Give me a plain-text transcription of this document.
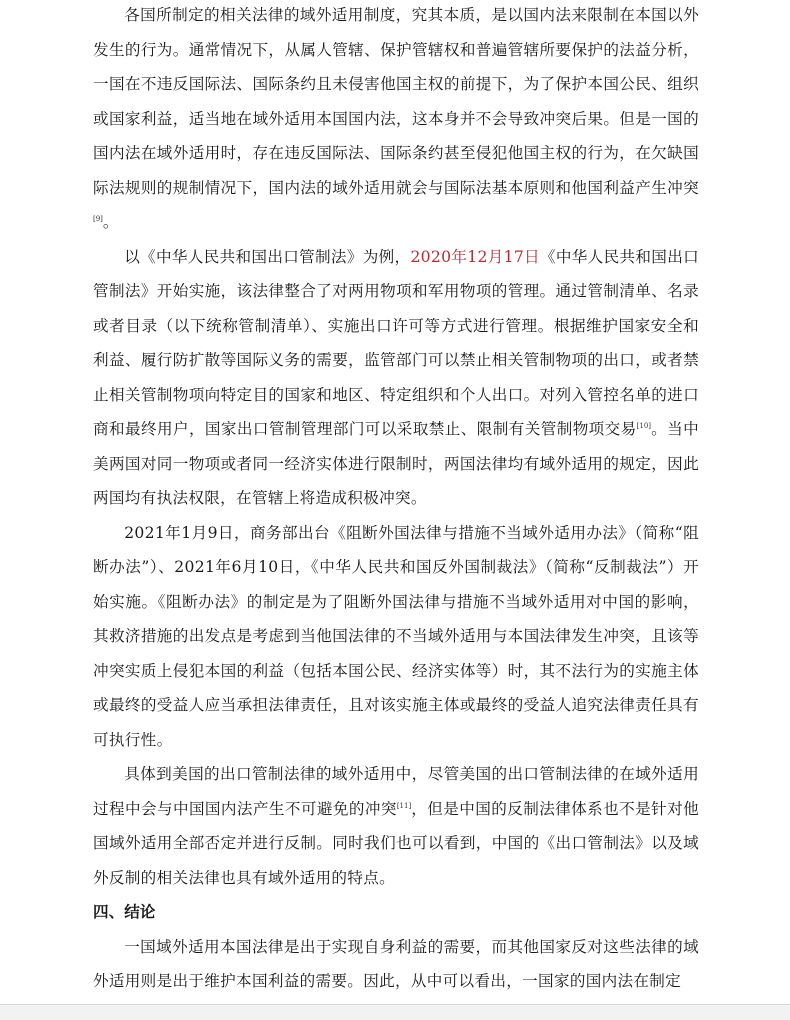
各国所制定的相关法律的域外适用制度，究其本质，是以国内法来限制在本国以外发生的行为。通常情况下，从属人管辖、保护管辖权和普遍管辖所要保护的法益分析，一国在不违反国际法、国际条约且未侵害他国主权的前提下，为了保护本国公民、组织或国家利益，适当地在域外适用本国国内法，这本身并不会导致冲突后果。但是一国的国内法在域外适用时，存在违反国际法、国际条约甚至侵犯他国主权的行为，在欠缺国际法规则的规制情况下，国内法的域外适用就会与国际法基本原则和他国利益产生冲突[9]。

以《中华人民共和国出口管制法》为例，2020年12月17日《中华人民共和国出口管制法》开始实施，该法律整合了对两用物项和军用物项的管理。通过管制清单、名录或者目录（以下统称管制清单）、实施出口许可等方式进行管理。根据维护国家安全和利益、履行防扩散等国际义务的需要，监管部门可以禁止相关管制物项的出口，或者禁止相关管制物项向特定目的国家和地区、特定组织和个人出口。对列入管控名单的进口商和最终用户，国家出口管制管理部门可以采取禁止、限制有关管制物项交易[10]。当中美两国对同一物项或者同一经济实体进行限制时，两国法律均有域外适用的规定，因此两国均有执法权限，在管辖上将造成积极冲突。

2021年1月9日，商务部出台《阻断外国法律与措施不当域外适用办法》（简称“阻断办法”）、2021年6月10日，《中华人民共和国反外国制裁法》（简称“反制裁法”）开始实施。《阻断办法》的制定是为了阻断外国法律与措施不当域外适用对中国的影响，其救济措施的出发点是考虑到当他国法律的不当域外适用与本国法律发生冲突，且该等冲突实质上侵犯本国的利益（包括本国公民、经济实体等）时，其不法行为的实施主体或最终的受益人应当承担法律责任，且对该实施主体或最终的受益人追究法律责任具有可执行性。

具体到美国的出口管制法律的域外适用中，尽管美国的出口管制法律的在域外适用过程中会与中国国内法产生不可避免的冲突[11]，但是中国的反制法律体系也不是针对他国域外适用全部否定并进行反制。同时我们也可以看到，中国的《出口管制法》以及域外反制的相关法律也具有域外适用的特点。

四、结论

一国域外适用本国法律是出于实现自身利益的需要，而其他国家反对这些法律的域外适用则是出于维护本国利益的需要。因此，从中可以看出，一国家的国内法在制定
